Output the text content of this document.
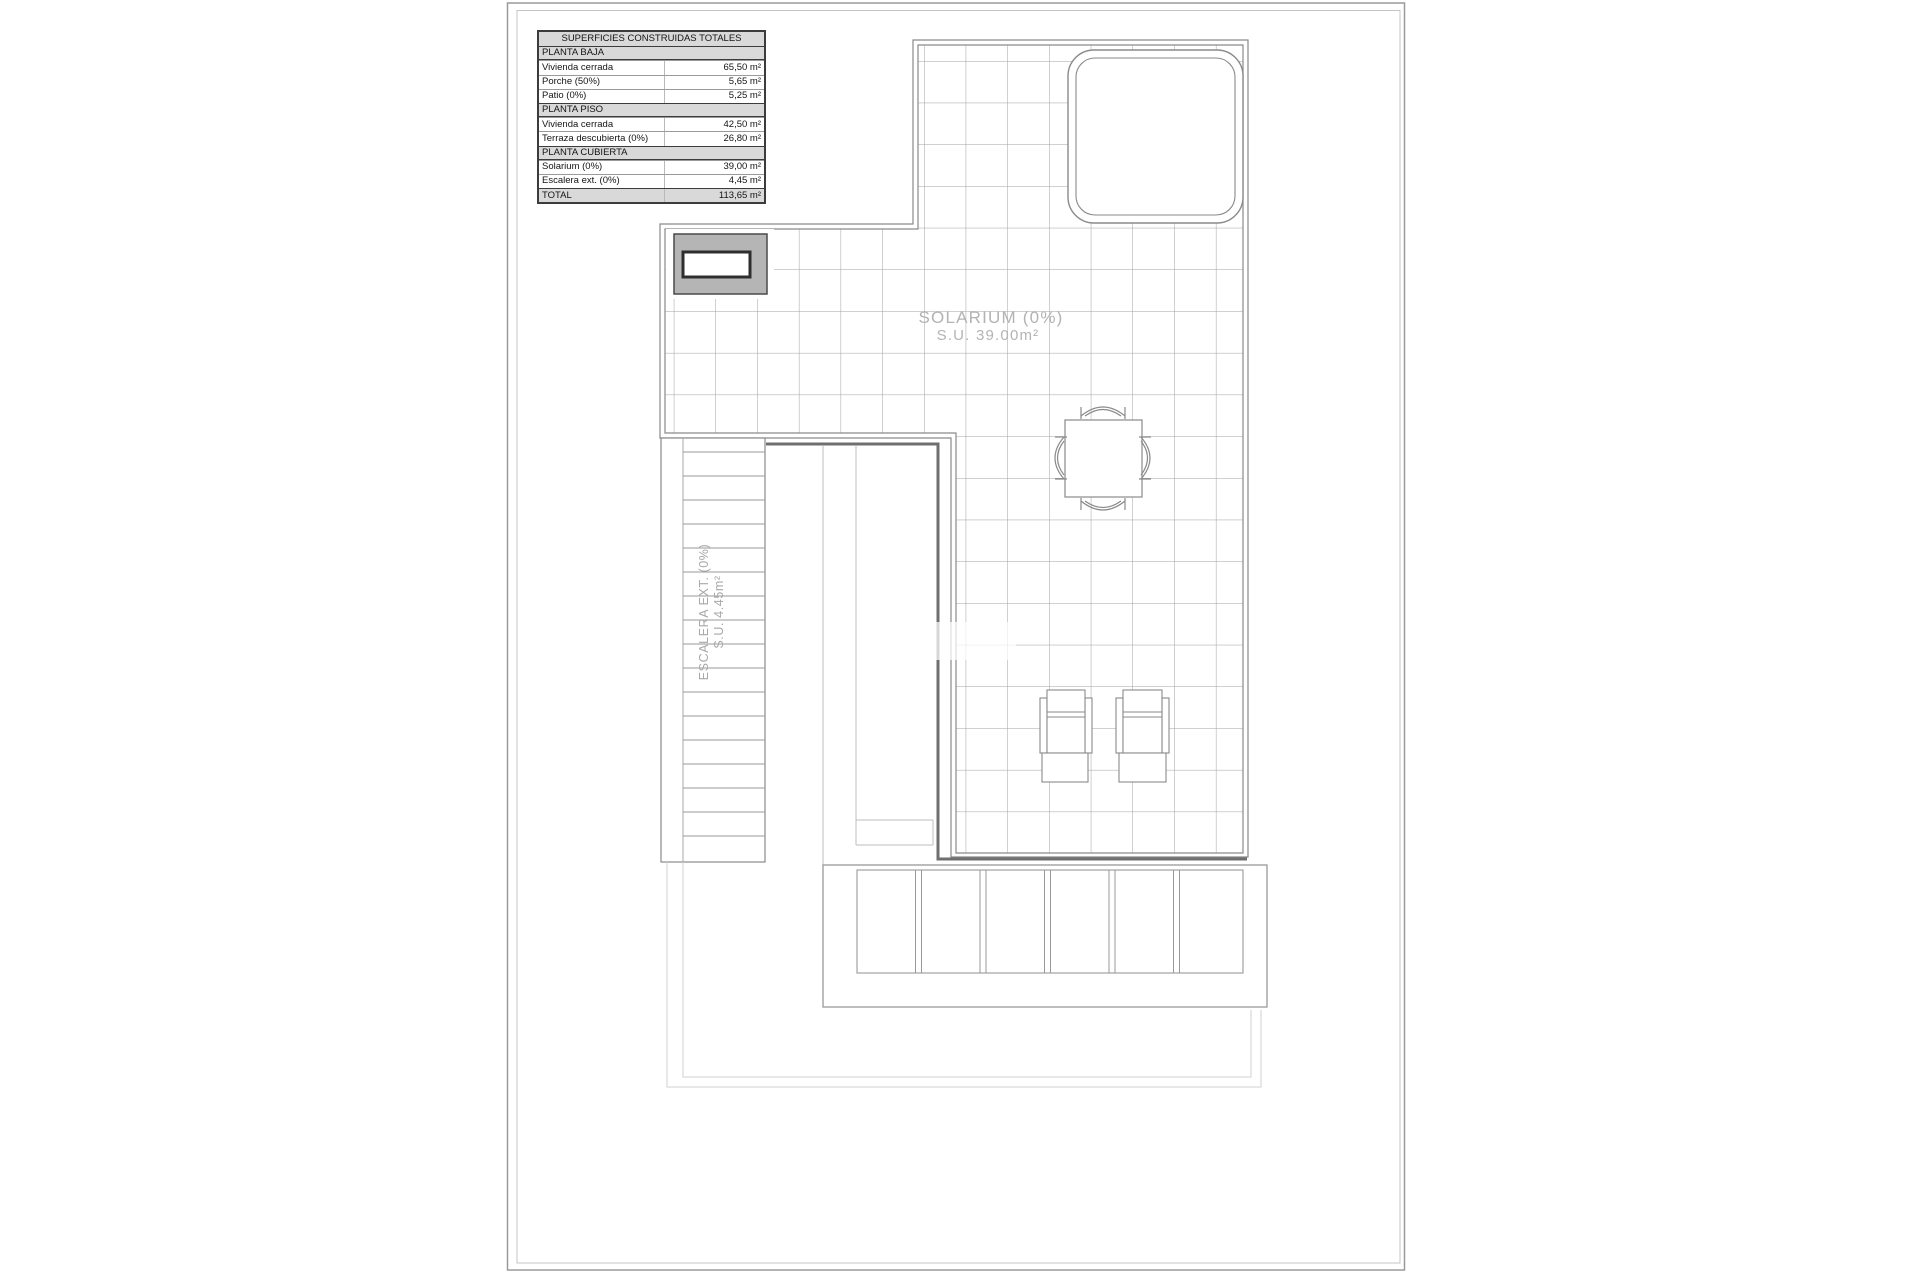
SOLARIUM (0%)
S.U. 39.00m²
ESCALERA EXT. (0%) S.U. 4.45m²
SUPERFICIES CONSTRUIDAS TOTALES
PLANTA BAJA
Vivienda cerrada	65,50 m²
Porche (50%)	5,65 m²
Patio (0%)	5,25 m²
PLANTA PISO
Vivienda cerrada	42,50 m²
Terraza descubierta (0%)	26,80 m²
PLANTA CUBIERTA
Solarium (0%)	39,00 m²
Escalera ext. (0%)	4,45 m²
TOTAL	113,65 m²
